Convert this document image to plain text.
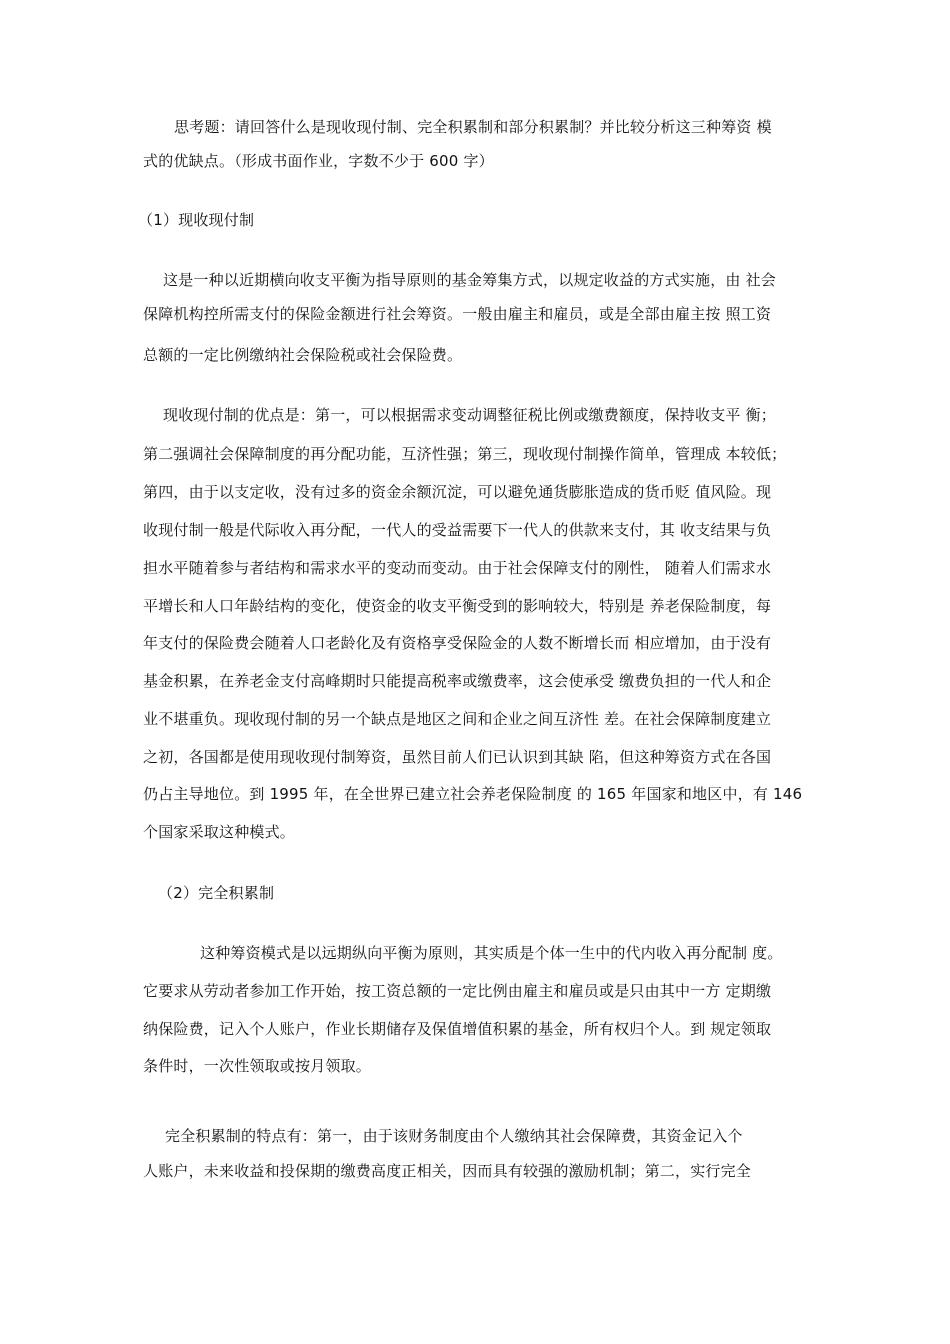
思考题：请回答什么是现收现付制、完全积累制和部分积累制？并比较分析这三种筹资 模
式的优缺点。（形成书面作业，字数不少于 600 字）
（1）现收现付制
这是一种以近期横向收支平衡为指导原则的基金筹集方式，以规定收益的方式实施，由 社会
保障机构控所需支付的保险金额进行社会筹资。一般由雇主和雇员，或是全部由雇主按 照工资
总额的一定比例缴纳社会保险税或社会保险费。
现收现付制的优点是：第一，可以根据需求变动调整征税比例或缴费额度，保持收支平 衡；
第二强调社会保障制度的再分配功能，互济性强；第三，现收现付制操作简单，管理成 本较低；
第四，由于以支定收，没有过多的资金余额沉淀，可以避免通货膨胀造成的货币贬 值风险。现
收现付制一般是代际收入再分配，一代人的受益需要下一代人的供款来支付，其 收支结果与负
担水平随着参与者结构和需求水平的变动而变动。由于社会保障支付的刚性， 随着人们需求水
平增长和人口年龄结构的变化，使资金的收支平衡受到的影响较大，特别是 养老保险制度，每
年支付的保险费会随着人口老龄化及有资格享受保险金的人数不断增长而 相应增加，由于没有
基金积累，在养老金支付高峰期时只能提高税率或缴费率，这会使承受 缴费负担的一代人和企
业不堪重负。现收现付制的另一个缺点是地区之间和企业之间互济性 差。在社会保障制度建立
之初，各国都是使用现收现付制筹资，虽然目前人们已认识到其缺 陷，但这种筹资方式在各国
仍占主导地位。到 1995 年，在全世界已建立社会养老保险制度 的 165 年国家和地区中，有 146
个国家采取这种模式。
（2）完全积累制
这种筹资模式是以远期纵向平衡为原则，其实质是个体一生中的代内收入再分配制 度。
它要求从劳动者参加工作开始，按工资总额的一定比例由雇主和雇员或是只由其中一方 定期缴
纳保险费，记入个人账户，作业长期储存及保值增值积累的基金，所有权归个人。到 规定领取
条件时，一次性领取或按月领取。
完全积累制的特点有：第一，由于该财务制度由个人缴纳其社会保障费，其资金记入个
人账户，未来收益和投保期的缴费高度正相关，因而具有较强的激励机制；第二，实行完全
